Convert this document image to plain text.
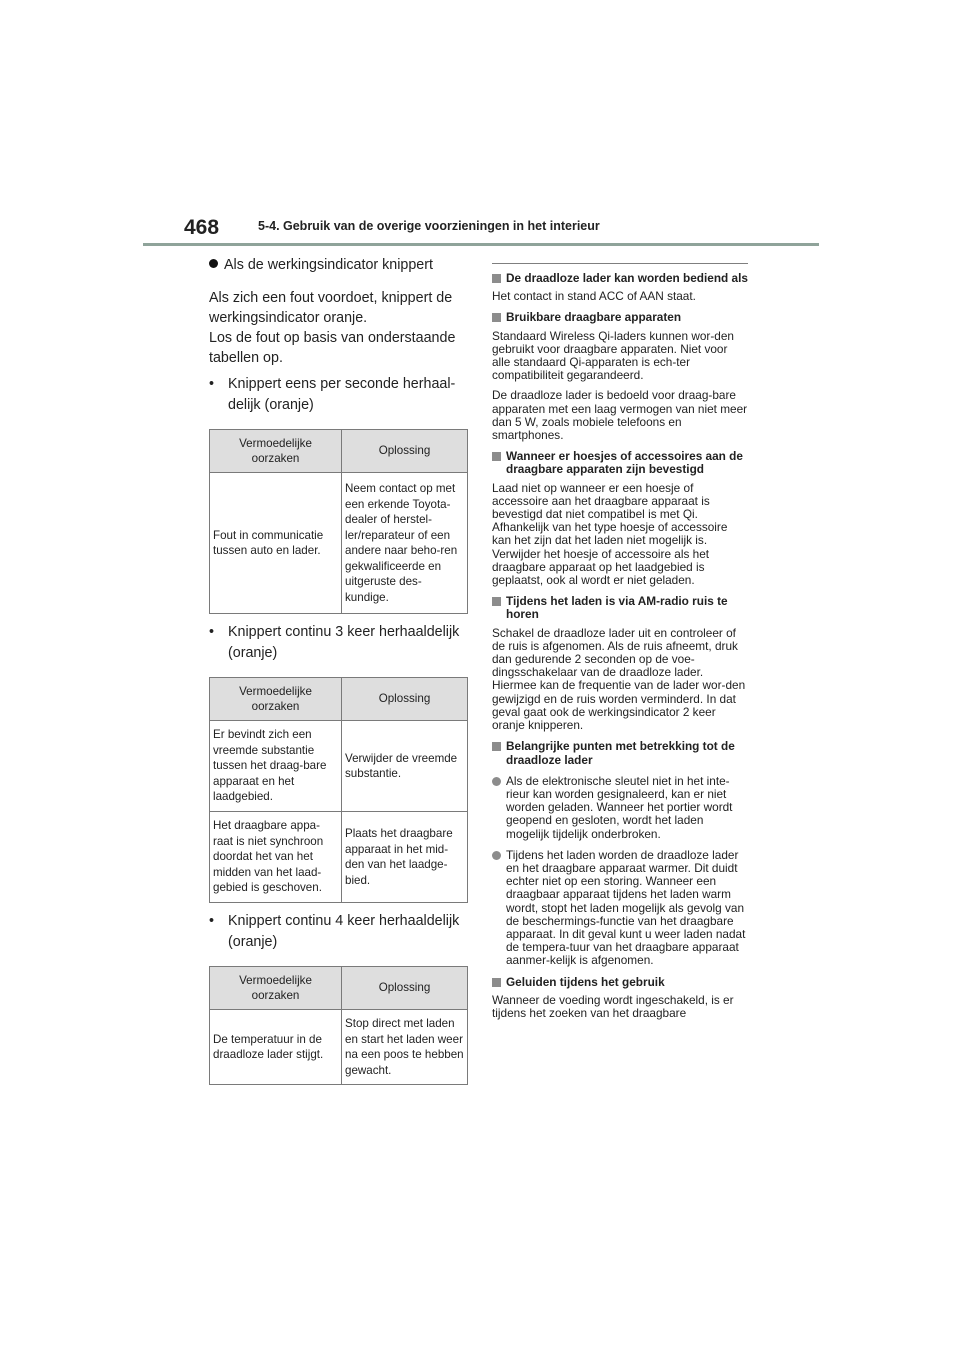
468	5-4. Gebruik van de overige voorzieningen in het interieur
Als de werkingsindicator knippert
Als zich een fout voordoet, knippert de werkingsindicator oranje.
Los de fout op basis van onderstaande tabellen op.
• Knippert eens per seconde herhaal-delijk (oranje)
Vermoedelijke oorzaken	Oplossing
Fout in communicatie tussen auto en lader.	Neem contact op met een erkende Toyota-dealer of herstel-ler/reparateur of een andere naar beho-ren gekwalificeerde en uitgeruste des-kundige.
• Knippert continu 3 keer herhaaldelijk (oranje)
Vermoedelijke oorzaken	Oplossing
Er bevindt zich een vreemde substantie tussen het draag-bare apparaat en het laadgebied.	Verwijder de vreemde substantie.
Het draagbare appa-raat is niet synchroon doordat het van het midden van het laad-gebied is geschoven.	Plaats het draagbare apparaat in het mid-den van het laadge-bied.
• Knippert continu 4 keer herhaaldelijk (oranje)
Vermoedelijke oorzaken	Oplossing
De temperatuur in de draadloze lader stijgt.	Stop direct met laden en start het laden weer na een poos te hebben gewacht.
De draadloze lader kan worden bediend als
Het contact in stand ACC of AAN staat.
Bruikbare draagbare apparaten
Standaard Wireless Qi-laders kunnen wor-den gebruikt voor draagbare apparaten. Niet voor alle standaard Qi-apparaten is ech-ter compatibiliteit gegarandeerd.
De draadloze lader is bedoeld voor draag-bare apparaten met een laag vermogen van niet meer dan 5 W, zoals mobiele telefoons en smartphones.
Wanneer er hoesjes of accessoires aan de draagbare apparaten zijn bevestigd
Laad niet op wanneer er een hoesje of accessoire aan het draagbare apparaat is bevestigd dat niet compatibel is met Qi. Afhankelijk van het type hoesje of accessoire kan het zijn dat het laden niet mogelijk is. Verwijder het hoesje of accessoire als het draagbare apparaat op het laadgebied is geplaatst, ook al wordt er niet geladen.
Tijdens het laden is via AM-radio ruis te horen
Schakel de draadloze lader uit en controleer of de ruis is afgenomen. Als de ruis afneemt, druk dan gedurende 2 seconden op de voe-dingsschakelaar van de draadloze lader. Hiermee kan de frequentie van de lader wor-den gewijzigd en de ruis worden verminderd. In dat geval gaat ook de werkingsindicator 2 keer oranje knipperen.
Belangrijke punten met betrekking tot de draadloze lader
Als de elektronische sleutel niet in het inte-rieur kan worden gesignaleerd, kan er niet worden geladen. Wanneer het portier wordt geopend en gesloten, wordt het laden mogelijk tijdelijk onderbroken.
Tijdens het laden worden de draadloze lader en het draagbare apparaat warmer. Dit duidt echter niet op een storing. Wanneer een draagbaar apparaat tijdens het laden warm wordt, stopt het laden mogelijk als gevolg van de beschermings-functie van het draagbare apparaat. In dit geval kunt u weer laden nadat de tempera-tuur van het draagbare apparaat aanmer-kelijk is afgenomen.
Geluiden tijdens het gebruik
Wanneer de voeding wordt ingeschakeld, is er tijdens het zoeken van het draagbare
